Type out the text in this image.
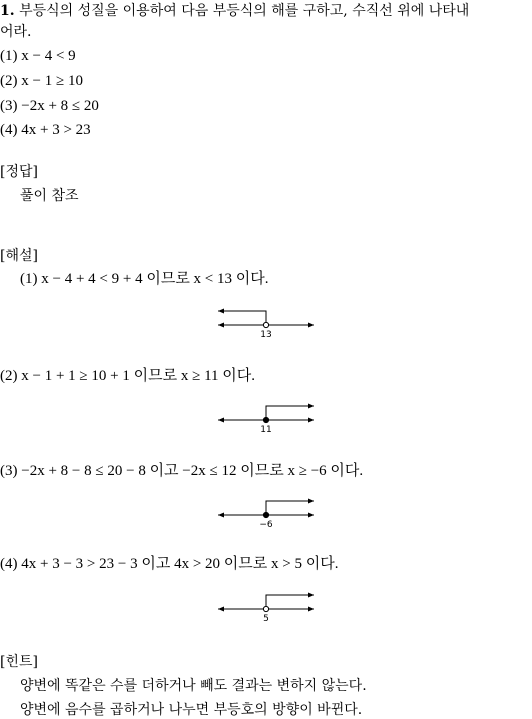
1. 부등식의 성질을 이용하여 다음 부등식의 해를 구하고, 수직선 위에 나타내
어라.
(1) x − 4 < 9
(2) x − 1 ≥ 10
(3) −2x + 8 ≤ 20
(4) 4x + 3 > 23
[정답]
풀이 참조
[해설]
(1) x − 4 + 4 < 9 + 4 이므로 x < 13 이다.
(2) x − 1 + 1 ≥ 10 + 1 이므로 x ≥ 11 이다.
(3) −2x + 8 − 8 ≤ 20 − 8 이고 −2x ≤ 12 이므로 x ≥ −6 이다.
(4) 4x + 3 − 3 > 23 − 3 이고 4x > 20 이므로 x > 5 이다.
13
11
−6
5
[힌트]
양변에 똑같은 수를 더하거나 빼도 결과는 변하지 않는다.
양변에 음수를 곱하거나 나누면 부등호의 방향이 바뀐다.
